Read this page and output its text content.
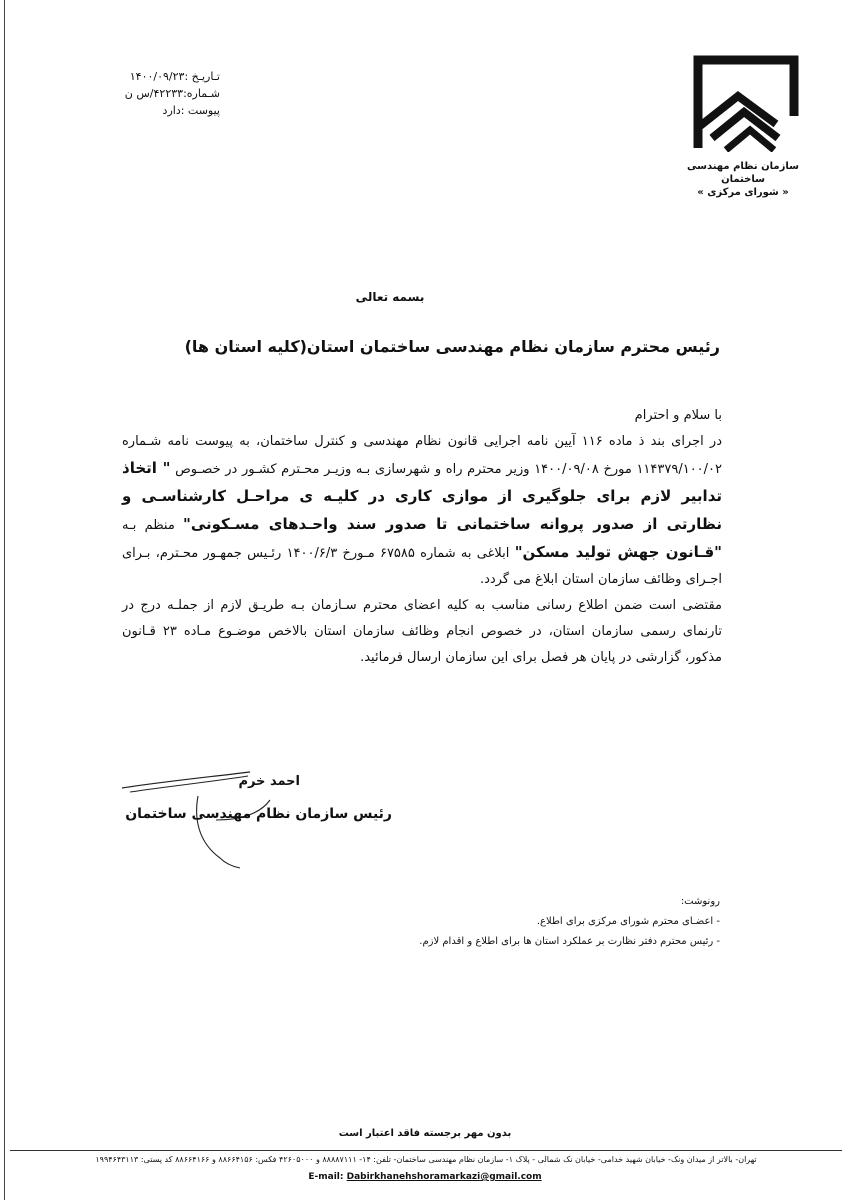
سازمان نظام مهندسی ساختمان
« شورای مرکزی »
تـاریـخ :۱۴۰۰/۰۹/۲۳
شـماره:۴۲۲۳۳/س ن
پیوست :دارد
بسمه تعالی
رئیس محترم سازمان نظام مهندسی ساختمان استان(کلیه استان ها)

با سلام و احترام

در اجرای بند ذ ماده ۱۱۶ آیین نامه اجرایی قانون نظام مهندسی و کنترل ساختمان، به پیوست نامه شـماره ۱۱۴۳۷۹/۱۰۰/۰۲ مورخ ۱۴۰۰/۰۹/۰۸ وزیر محترم راه و شهرسازی بـه وزیـر محـترم کشـور در خصـوص " اتخاذ تدابیر لازم برای جلوگیری از موازی کاری در کلیـه ی مراحـل کارشناسـی و نظارتی از صدور پروانه ساختمانی تا صدور سند واحـدهای مسـکونی" منظم بـه "قـانون جهش تولید مسکن" ابلاغی به شماره ۶۷۵۸۵ مـورخ ۱۴۰۰/۶/۳ رئـیس جمهـور محـترم، بـرای اجـرای وظائف سازمان استان ابلاغ می گردد.

مقتضی است ضمن اطلاع رسانی مناسب به کلیه اعضای محترم سـازمان بـه طریـق لازم از جملـه درج در تارنمای رسمی سازمان استان، در خصوص انجام وظائف سازمان استان بالاخص موضـوع مـاده ۲۳ قـانون مذکور، گزارشی در پایان هر فصل برای این سازمان ارسال فرمائید.

احمد خرم
رئیس سازمان نظام مهندسی ساختمان
رونوشت:
- اعضـای محترم شورای مرکزی برای اطلاع.
- رئیس محترم دفتر نظارت بر عملکرد استان ها برای اطلاع و اقدام لازم.
بدون مهر برجسته فاقد اعتبار است
تهران- بالاتر از میدان ونک- خیابان شهید خدامی- خیابان نک شمالی - پلاک ۱- سازمان نظام مهندسی ساختمان- تلفن: ۱۴- ۸۸۸۸۷۱۱۱ و ۴۲۶۰۵۰۰۰ فکس: ۸۸۶۶۴۱۵۶ و ۸۸۶۶۴۱۶۶ کد پستی: ۱۹۹۴۶۴۳۱۱۳
E-mail: Dabirkhanehshoramarkazi@gmail.com
